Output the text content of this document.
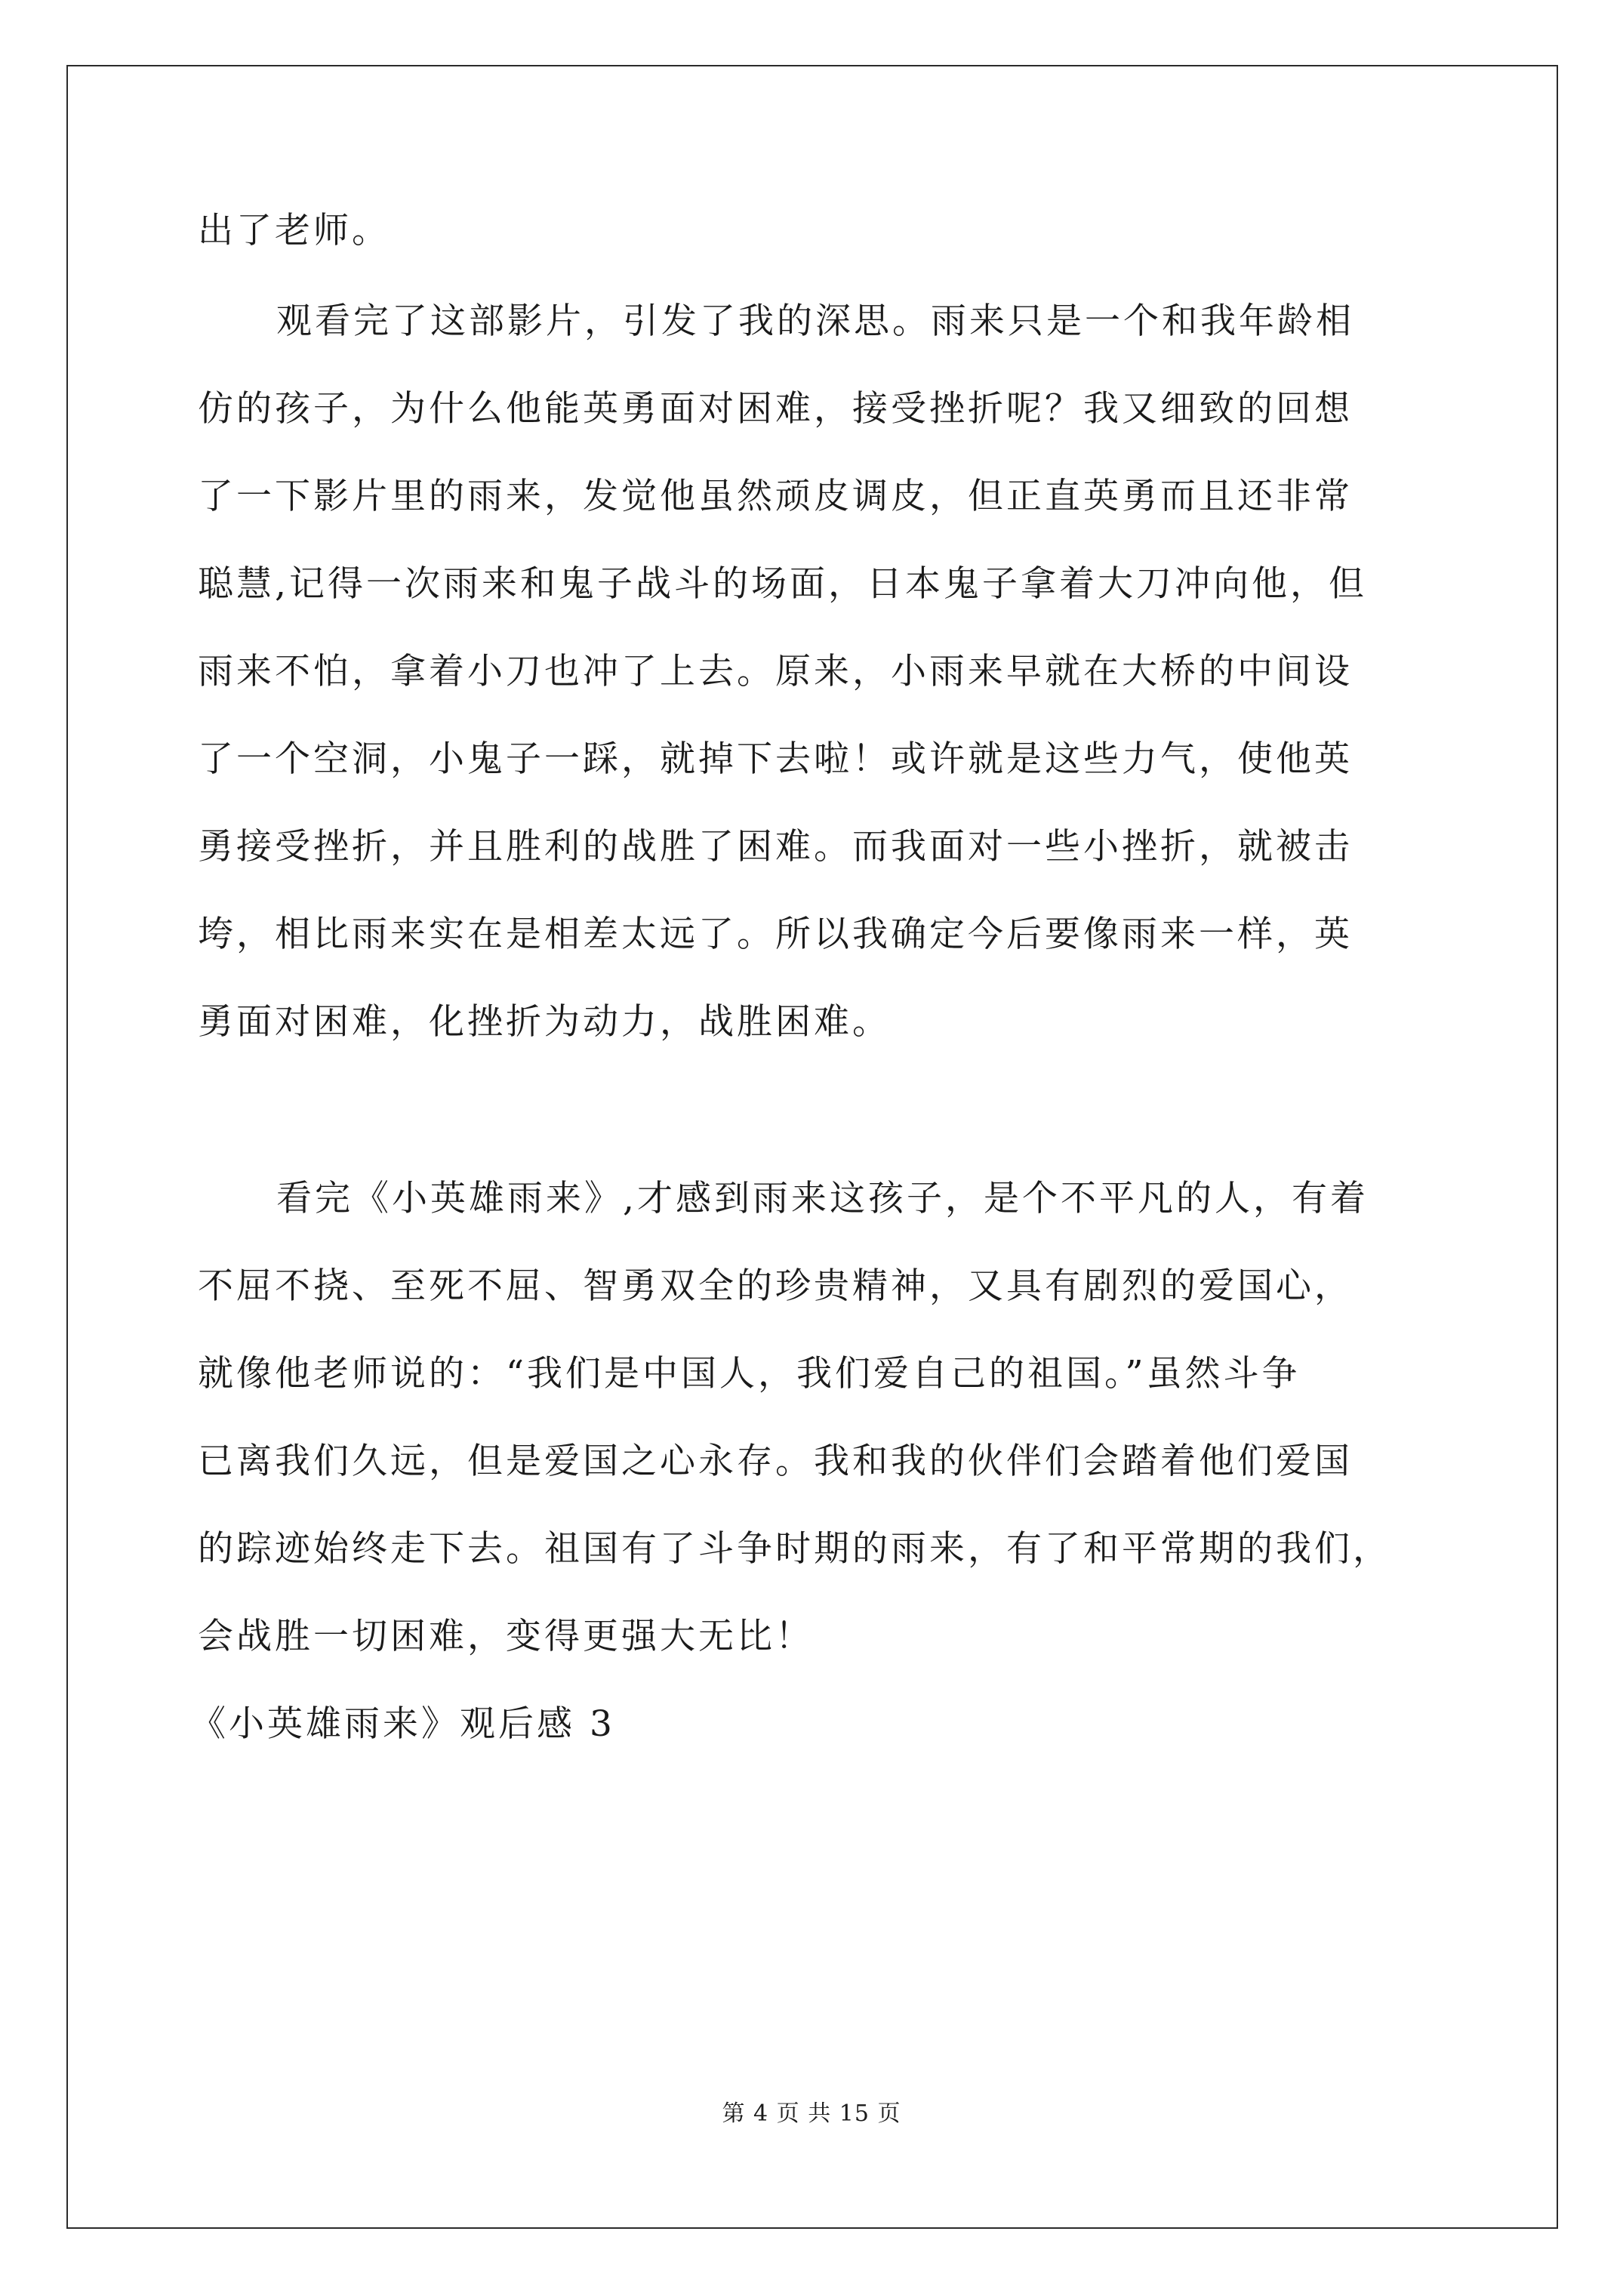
出了老师。
观看完了这部影片，引发了我的深思。雨来只是一个和我年龄相
仿的孩子，为什么他能英勇面对困难，接受挫折呢？我又细致的回想
了一下影片里的雨来，发觉他虽然顽皮调皮，但正直英勇而且还非常
聪慧,记得一次雨来和鬼子战斗的场面，日本鬼子拿着大刀冲向他，但
雨来不怕，拿着小刀也冲了上去。原来，小雨来早就在大桥的中间设
了一个空洞，小鬼子一踩，就掉下去啦！或许就是这些力气，使他英
勇接受挫折，并且胜利的战胜了困难。而我面对一些小挫折，就被击
垮，相比雨来实在是相差太远了。所以我确定今后要像雨来一样，英
勇面对困难，化挫折为动力，战胜困难。
看完《小英雄雨来》,才感到雨来这孩子，是个不平凡的人，有着
不屈不挠、至死不屈、智勇双全的珍贵精神，又具有剧烈的爱国心，
就像他老师说的：“我们是中国人，我们爱自己的祖国。”虽然斗争
已离我们久远，但是爱国之心永存。我和我的伙伴们会踏着他们爱国
的踪迹始终走下去。祖国有了斗争时期的雨来，有了和平常期的我们，
会战胜一切困难，变得更强大无比！
《小英雄雨来》观后感 3
第 4 页 共 15 页
